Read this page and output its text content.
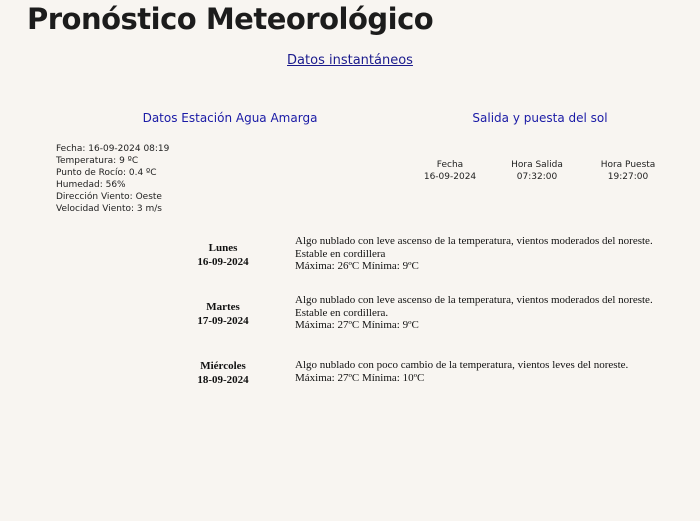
Pronóstico Meteorológico
Datos instantáneos
Datos Estación Agua Amarga	Salida y puesta del sol
Fecha: 16-09-2024 08:19
Temperatura: 9 ºC
Punto de Rocío: 0.4 ºC
Humedad: 56%
Dirección Viento: Oeste
Velocidad Viento: 3 m/s
Fecha
16-09-2024
Hora Salida
07:32:00
Hora Puesta
19:27:00
Lunes
16-09-2024
Algo nublado con leve ascenso de la temperatura, vientos moderados del noreste.
Estable en cordillera
Máxima: 26ºC Mínima: 9ºC
Martes
17-09-2024
Algo nublado con leve ascenso de la temperatura, vientos moderados del noreste.
Estable en cordillera.
Máxima: 27ºC Mínima: 9ºC
Miércoles
18-09-2024
Algo nublado con poco cambio de la temperatura, vientos leves del noreste.
Máxima: 27ºC Mínima: 10ºC
